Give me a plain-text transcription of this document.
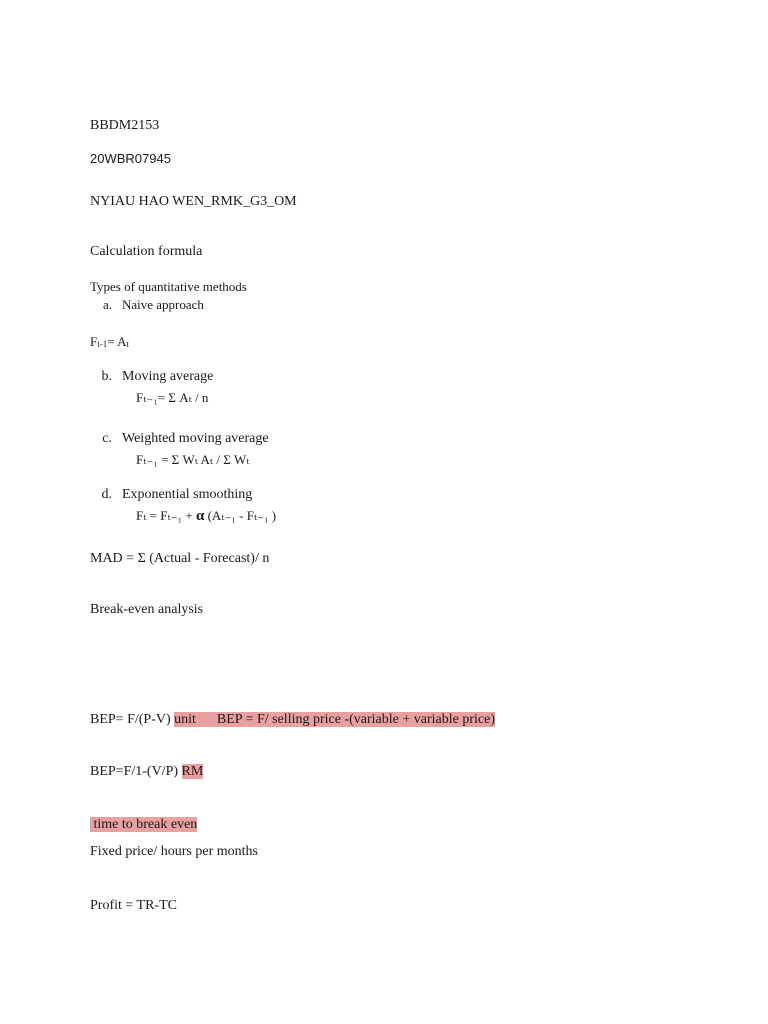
BBDM2153
20WBR07945
NYIAU HAO WEN_RMK_G3_OM
Calculation formula
Types of quantitative methods
a. Naive approach
$F_{t-1}= A_t$
b. Moving average
Fₜ₋₁= Σ Aₜ / n
c. Weighted moving average
Fₜ₋₁ = Σ Wₜ Aₜ / Σ Wₜ
d. Exponential smoothing
Fₜ = Fₜ₋₁ + α (Aₜ₋₁ - Fₜ₋₁ )
MAD = Σ (Actual - Forecast)/ n
Break-even analysis
BEP= F/(P-V) unit      BEP = F/ selling price -(variable + variable price)
BEP=F/1-(V/P) RM
time to break even
Fixed price/ hours per months
Profit = TR-TC
